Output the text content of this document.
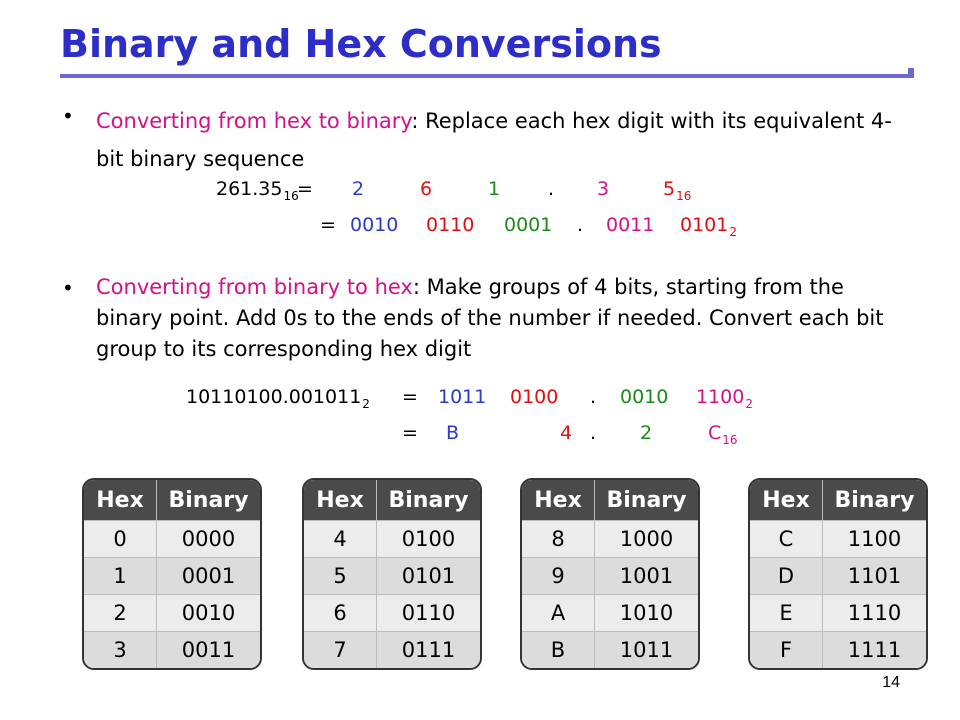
Binary and Hex Conversions
• Converting from hex to binary: Replace each hex digit with its equivalent 4-bit binary sequence
$261.35_{16}$
= 2	6	1	. 3	$5_{16}$
= 0010 0110 0001 . 0011 $0101_2$
• Converting from binary to hex: Make groups of 4 bits, starting from the binary point. Add 0s to the ends of the number if needed. Convert each bit group to its corresponding hex digit
$10110100.001011_2 = 1011$ 0100 . 0010 $1100_2$
= B	4 . 2	$C_{16}$
Hex	Binary
0	0000
1	0001
2	0010
3	0011
Hex	Binary
4	0100
5	0101
6	0110
7	0111
Hex	Binary
8	1000
9	1001
A	1010
B	1011
Hex	Binary
C	1100
D	1101
E	1110
F	1111
14
